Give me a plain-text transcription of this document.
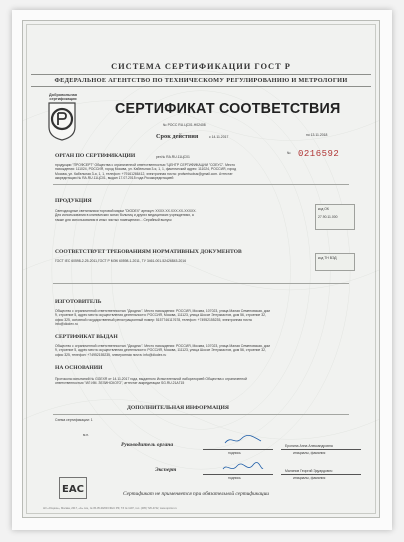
СИСТЕМА СЕРТИФИКАЦИИ ГОСТ Р
ФЕДЕРАЛЬНОЕ АГЕНТСТВО ПО ТЕХНИЧЕСКОМУ РЕГУЛИРОВАНИЮ И МЕТРОЛОГИИ
Добровольная сертификация
СЕРТИФИКАТ СООТВЕТСТВИЯ
№ РОСС RU.ЦС01.Н02408
Срок действия	с 14.11.2017	по 13.11.2018
№ 0216592
ОРГАН ПО СЕРТИФИКАЦИИ	рег.№ RA.RU.11ЦС01
продукции "ПРОФСЕРТ" Общества с ограниченной ответственностью "ЦЕНТР СЕРТИФИКАЦИИ "СОЕУС". Место
нахождения: 111024, РОССИЯ, город Москва, ул. Кабельная 3-я, 1, 1, фактический адрес: 111024, РОССИЯ, город
Москва, ул. Кабельная 3-я, 1, 1, телефон: +79161266412, электронная почта: profsertsobus@gmail.com. Аттестат
аккредитации № RA.RU.11ЦС01, выдан 17.07.2015 года Росаккредитацией
ПРОДУКЦИЯ
Светодиодные светильники торговой марки "DIODEX" артикул: XXXX.XX.XXX.XX-XXXXX.
Для использования в клинических зонах больниц и других медицинских учреждениях, а
также для использования в иных чистых помещениях... Серийный выпуск
код ОК
27.90.11.000
СООТВЕТСТВУЕТ ТРЕБОВАНИЯМ НОРМАТИВНЫХ ДОКУМЕНТОВ
ГОСТ IEC 60598-2-25-2011,ГОСТ Р МЭК 60598-1-2011, ТУ 3461-001-52426843-2016
код ТН ВЭД
ИЗГОТОВИТЕЛЬ
Общество с ограниченной ответственностью "Диодекс". Место нахождения: РОССИЯ, Москва, 107023, улица Малая Семеновская, дом
9, строение 5, адрес места осуществления деятельности: РОССИЯ, Москва, 111123, улица Шоссе Энтузиастов, дом 56, строение 32,
офис 325, основной государственный регистрационный номер: 5157746117678, телефон: +74952155235, электронная почта
info@diodex.ru
СЕРТИФИКАТ ВЫДАН
Общество с ограниченной ответственностью "Диодекс". Место нахождения: РОССИЯ, Москва, 107023, улица Малая Семеновская, дом
9, строение 5, адрес места осуществления деятельности: РОССИЯ, Москва, 111123, улица Шоссе Энтузиастов, дом 56, строение 32,
офис 325, телефон: +74952155235, электронная почта: info@diodex.ru
НА ОСНОВАНИИ
Протокола испытаний № GGEXR от 14.11.2017 года, выданного Испытательной лабораторией Общества с ограниченной
ответственностью "ИЛ ИМ. ЗЕЛИНСКОГО", аттестат аккредитации SG.RU.21АГ15
ДОПОЛНИТЕЛЬНАЯ ИНФОРМАЦИЯ
Схема сертификации: 1
м.п.
Руководитель органа
подпись
Еронина Анна Александровна
инициалы, фамилия
Эксперт
подпись
Малинов Георгий Эдуардович
инициалы, фамилия
ЕАС	Сертификат не применяется при обязательной сертификации
АО «Опцион», Москва, 2017, «А» лиц. № 05-05-09/003 ФНС РФ, ТЗ № 1197, тел. (495) 726-4742, www.opcion.ru
